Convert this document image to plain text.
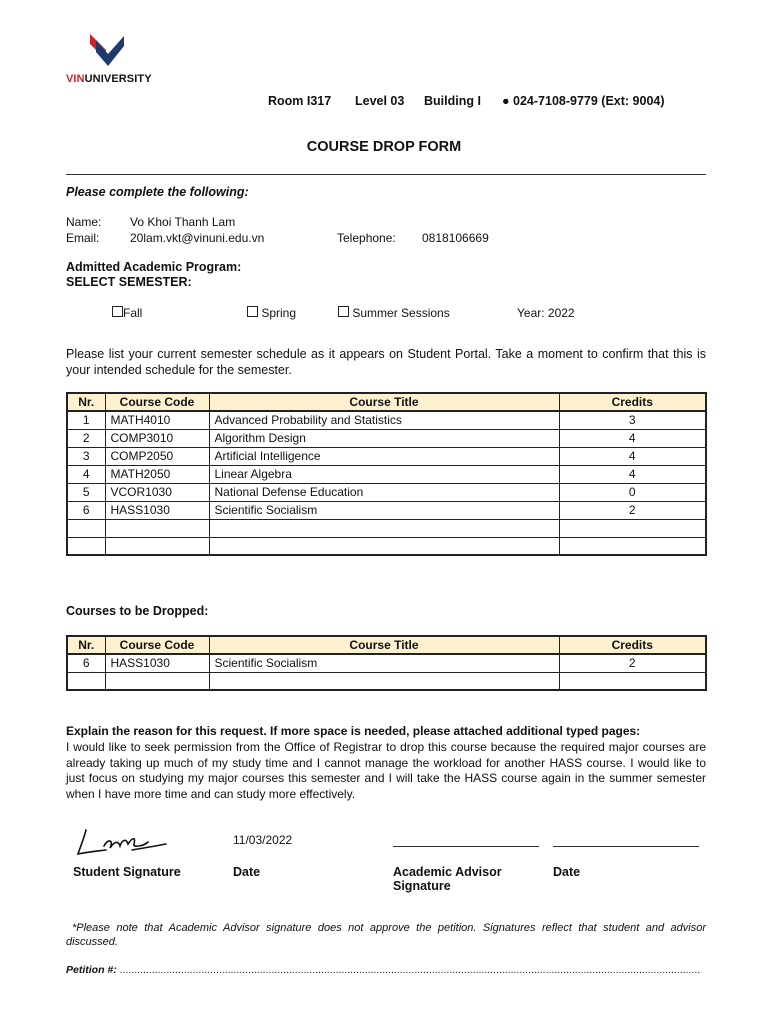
VINUNIVERSITY
Room I317 Level 03 Building I ● 024-7108-9779 (Ext: 9004)
COURSE DROP FORM
Please complete the following:
Name: Vo Khoi Thanh Lam
Email:	20lam.vkt@vinuni.edu.vn	Telephone: 0818106669
Admitted Academic Program:
SELECT SEMESTER:
Fall	Spring	Summer Sessions	Year: 2022
Please list your current semester schedule as it appears on Student Portal. Take a moment to confirm that this is your intended schedule for the semester.
Nr.	Course Code	Course Title	Credits
1	MATH4010	Advanced Probability and Statistics	3
2	COMP3010	Algorithm Design	4
3	COMP2050	Artificial Intelligence	4
4	MATH2050	Linear Algebra	4
5	VCOR1030	National Defense Education	0
6	HASS1030	Scientific Socialism	2

Courses to be Dropped:
Nr.	Course Code	Course Title	Credits
6	HASS1030	Scientific Socialism	2

Explain the reason for this request. If more space is needed, please attached additional typed pages:
I would like to seek permission from the Office of Registrar to drop this course because the required major courses are already taking up much of my study time and I cannot manage the workload for another HASS course. I would like to just focus on studying my major courses this semester and I will take the HASS course again in the summer semester when I have more time and can study more effectively.
11/03/2022
Student Signature	Date	Academic Advisor
Signature
Date
*Please note that Academic Advisor signature does not approve the petition. Signatures reflect that student and advisor discussed.
Petition #: .......................................................................................................................................................................................................
